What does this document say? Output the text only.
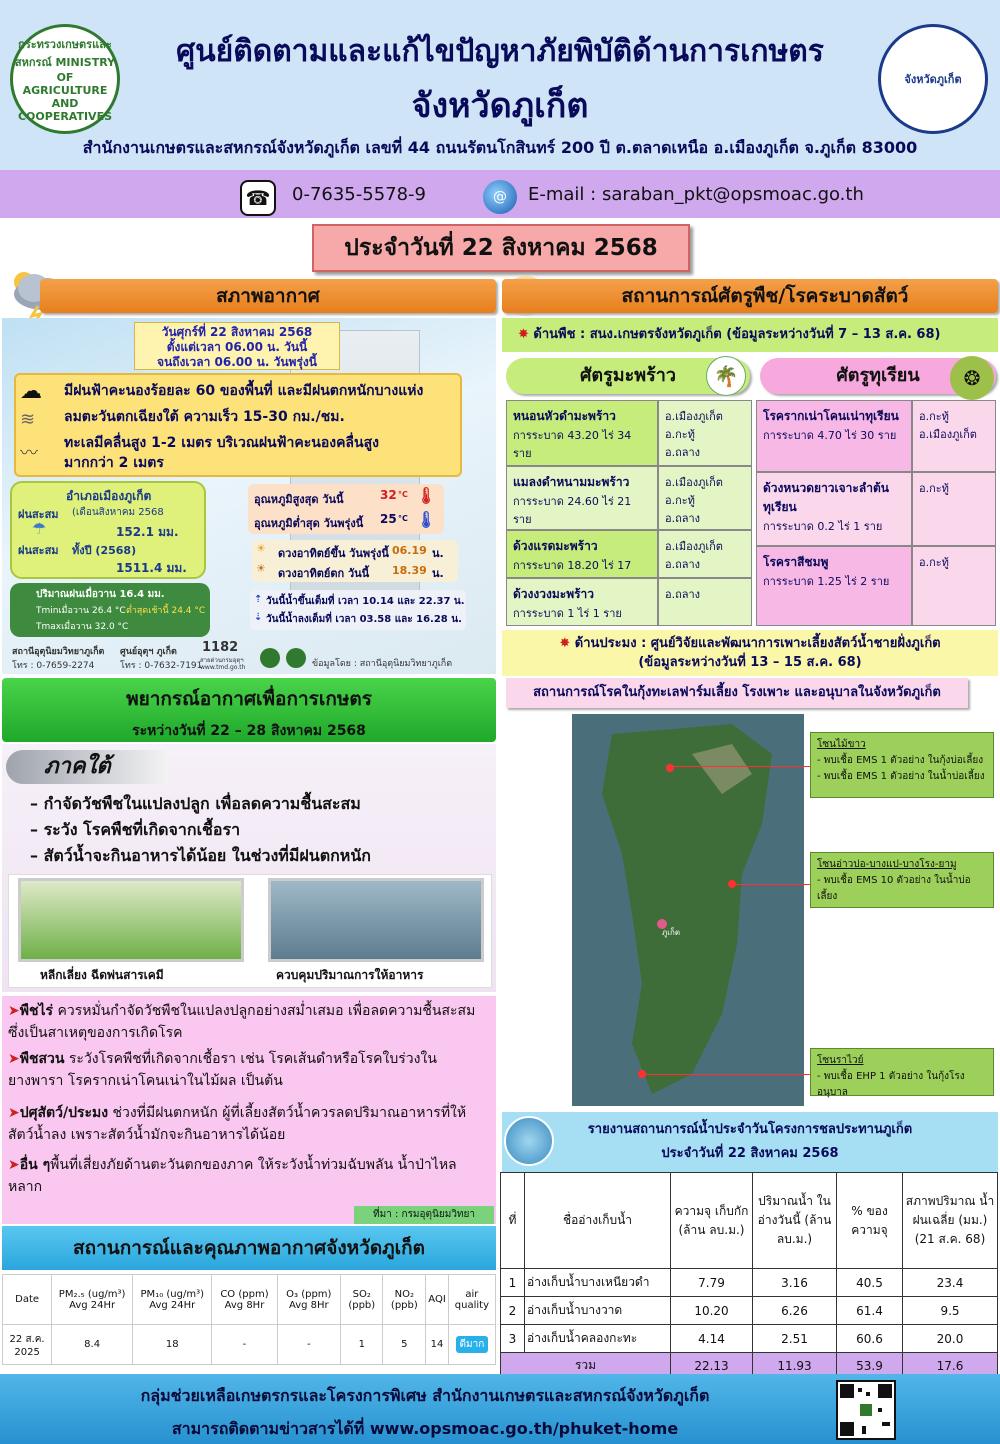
กระทรวงเกษตรและสหกรณ์ MINISTRY OF AGRICULTURE AND COOPERATIVES
จังหวัดภูเก็ต
ศูนย์ติดตามและแก้ไขปัญหาภัยพิบัติด้านการเกษตร
จังหวัดภูเก็ต
สำนักงานเกษตรและสหกรณ์จังหวัดภูเก็ต เลขที่ 44 ถนนรัตนโกสินทร์ 200 ปี ต.ตลาดเหนือ อ.เมืองภูเก็ต จ.ภูเก็ต 83000
☎	0-7635-5578-9	@	E-mail : saraban_pkt@opsmoac.go.th
ประจำวันที่ 22 สิงหาคม 2568
สภาพอากาศ
วันศุกร์ที่ 22 สิงหาคม 2568
ตั้งแต่เวลา 06.00 น. วันนี้
จนถึงเวลา 06.00 น. วันพรุ่งนี้
☁
≋
〰
มีฝนฟ้าคะนองร้อยละ 60 ของพื้นที่ และมีฝนตกหนักบางแห่ง
ลมตะวันตกเฉียงใต้ ความเร็ว 15-30 กม./ชม.
ทะเลมีคลื่นสูง 1-2 เมตร บริเวณฝนฟ้าคะนองคลื่นสูง
มากกว่า 2 เมตร
อำเภอเมืองภูเก็ต
ฝนสะสม (เดือนสิงหาคม 2568
☂	152.1 มม.
ฝนสะสม ทั้งปี (2568)
1511.4 มม.
ปริมาณฝนเมื่อวาน 16.4 มม.
Tminเมื่อวาน 26.4 °C ต่ำสุดเช้านี้ 24.4 °C
Tmaxเมื่อวาน 32.0 °C
อุณหภูมิสูงสุด วันนี้	32 °C 🌡
อุณหภูมิต่ำสุด วันพรุ่งนี้ 25 °C 🌡
☀ ดวงอาทิตย์ขึ้น วันพรุ่งนี้ 06.19 น.
☀ ดวงอาทิตย์ตก วันนี้ 18.39 น.
⇡ วันนี้น้ำขึ้นเต็มที่ เวลา 10.14 และ 22.37 น.
⇣ วันนี้น้ำลงเต็มที่ เวลา 03.58 และ 16.28 น.
สถานีอุตุนิยมวิทยาภูเก็ต
โทร : 0-7659-2274
ศูนย์อุตุฯ ภูเก็ต
โทร : 0-7632-7191
1182
สายด่วนกรมอุตุฯ www.tmd.go.th	ข้อมูลโดย : สถานีอุตุนิยมวิทยาภูเก็ต
พยากรณ์อากาศเพื่อการเกษตร
ระหว่างวันที่ 22 – 28 สิงหาคม 2568
ภาคใต้
– กำจัดวัชพืชในแปลงปลูก เพื่อลดความชื้นสะสม
– ระวัง โรคพืชที่เกิดจากเชื้อรา
– สัตว์น้ำจะกินอาหารได้น้อย ในช่วงที่มีฝนตกหนัก
หลีกเลี่ยง ฉีดพ่นสารเคมี	ควบคุมปริมาณการให้อาหาร
➤พืชไร่ ควรหมั่นกำจัดวัชพืชในแปลงปลูกอย่างสม่ำเสมอ เพื่อลดความชื้นสะสมซึ่งเป็นสาเหตุของการเกิดโรค
➤พืชสวน ระวังโรคพืชที่เกิดจากเชื้อรา เช่น โรคเส้นดำหรือโรคใบร่วงในยางพารา โรครากเน่าโคนเน่าในไม้ผล เป็นต้น
➤ปศุสัตว์/ประมง ช่วงที่มีฝนตกหนัก ผู้ที่เลี้ยงสัตว์น้ำควรลดปริมาณอาหารที่ให้สัตว์น้ำลง เพราะสัตว์น้ำมักจะกินอาหารได้น้อย
➤อื่น ๆพื้นที่เสี่ยงภัยด้านตะวันตกของภาค ให้ระวังน้ำท่วมฉับพลัน น้ำป่าไหลหลาก
ที่มา : กรมอุตุนิยมวิทยา
สถานการณ์และคุณภาพอากาศจังหวัดภูเก็ต
Date	PM₂.₅ (ug/m³) Avg 24Hr	PM₁₀ (ug/m³) Avg 24Hr	CO (ppm) Avg 8Hr	O₃ (ppm) Avg 8Hr	SO₂ (ppb)	NO₂ (ppb)	AQI	air quality
22 ส.ค. 2025	8.4	18	-	-	1	5	14	ดีมาก
สถานการณ์ศัตรูพืช/โรคระบาดสัตว์
✸ ด้านพืช : สนง.เกษตรจังหวัดภูเก็ต (ข้อมูลระหว่างวันที่ 7 – 13 ส.ค. 68)
ศัตรูมะพร้าว	🌴	ศัตรูทุเรียน	❂
หนอนหัวดำมะพร้าว
การระบาด 43.20 ไร่ 34 ราย
อ.เมืองภูเก็ต
อ.กะทู้
อ.ถลาง
แมลงดำหนามมะพร้าว
การระบาด 24.60 ไร่ 21 ราย
อ.เมืองภูเก็ต
อ.กะทู้
อ.ถลาง
ด้วงแรดมะพร้าว
การระบาด 18.20 ไร่ 17
อ.เมืองภูเก็ต
อ.ถลาง
ด้วงงวงมะพร้าว
การระบาด 1 ไร่ 1 ราย
อ.ถลาง
โรครากเน่าโคนเน่าทุเรียน
การระบาด 4.70 ไร่ 30 ราย
อ.กะทู้
อ.เมืองภูเก็ต
ด้วงหนวดยาวเจาะลำต้นทุเรียน
การระบาด 0.2 ไร่ 1 ราย
อ.กะทู้
โรคราสีชมพู
การระบาด 1.25 ไร่ 2 ราย
อ.กะทู้
✸ ด้านประมง : ศูนย์วิจัยและพัฒนาการเพาะเลี้ยงสัตว์น้ำชายฝั่งภูเก็ต
(ข้อมูลระหว่างวันที่ 13 – 15 ส.ค. 68)
สถานการณ์โรคในกุ้งทะเลฟาร์มเลี้ยง โรงเพาะ และอนุบาลในจังหวัดภูเก็ต
ภูเก็ต
โซนไม้ขาว
- พบเชื้อ EMS 1 ตัวอย่าง ในกุ้งบ่อเลี้ยง
- พบเชื้อ EMS 1 ตัวอย่าง ในน้ำบ่อเลี้ยง
โซนอ่าวปอ-บางแป-บางโรง-ยามู
- พบเชื้อ EMS 10 ตัวอย่าง ในน้ำบ่อเลี้ยง
โซนราไวย์
- พบเชื้อ EHP 1 ตัวอย่าง ในกุ้งโรงอนุบาล
รายงานสถานการณ์น้ำประจำวันโครงการชลประทานภูเก็ต
ประจำวันที่ 22 สิงหาคม 2568
ที่	ชื่ออ่างเก็บน้ำ	ความจุ เก็บกัก (ล้าน ลบ.ม.)	ปริมาณน้ำ ในอ่างวันนี้ (ล้าน ลบ.ม.)	% ของ ความจุ	สภาพปริมาณ น้ำฝนเฉลี่ย (มม.) (21 ส.ค. 68)
1	อ่างเก็บน้ำบางเหนียวดำ	7.79	3.16	40.5	23.4
2	อ่างเก็บน้ำบางวาด	10.20	6.26	61.4	9.5
3	อ่างเก็บน้ำคลองกะทะ	4.14	2.51	60.6	20.0
รวม		22.13	11.93	53.9	17.6
กลุ่มช่วยเหลือเกษตรกรและโครงการพิเศษ สำนักงานเกษตรและสหกรณ์จังหวัดภูเก็ต
สามารถติดตามข่าวสารได้ที่ www.opsmoac.go.th/phuket-home
